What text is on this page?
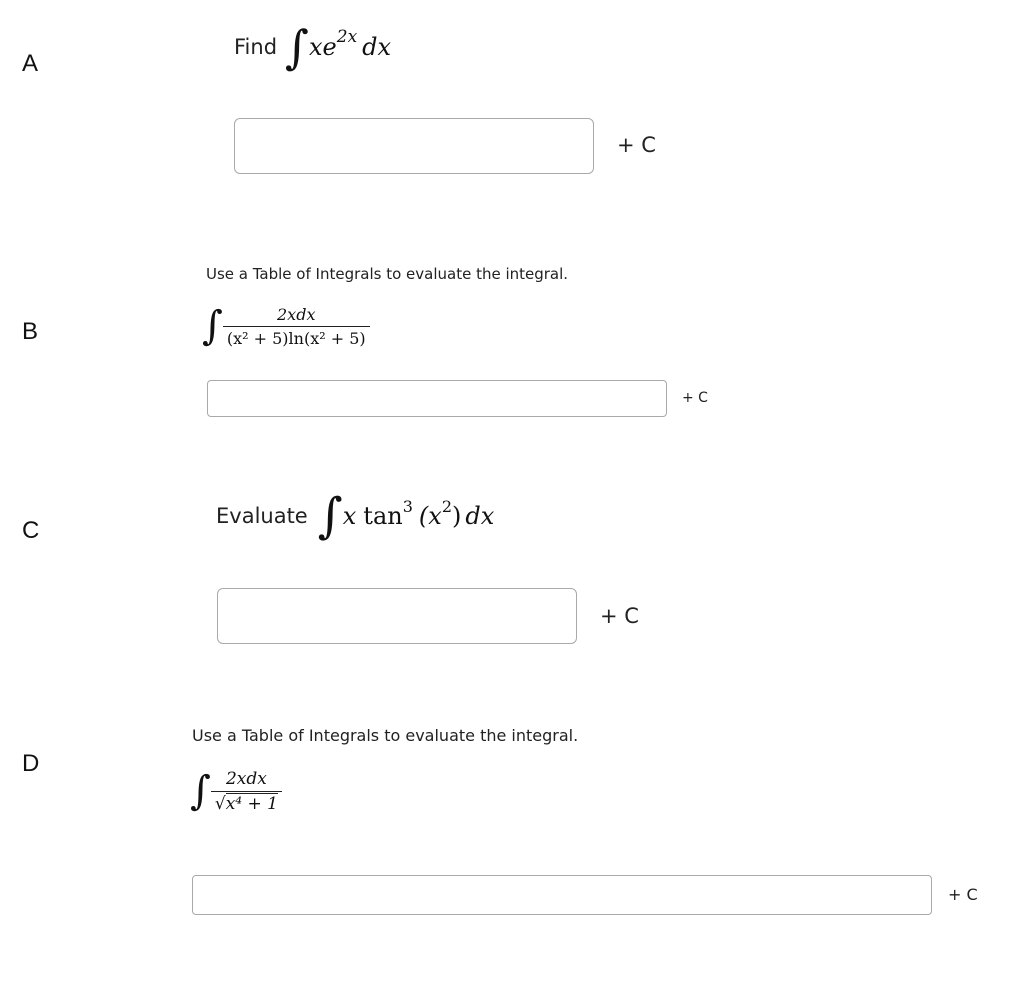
A
Find ∫ $xe^{2x}$ dx
+ C
B
Use a Table of Integrals to evaluate the integral.
∫ $\frac{\text{2xdx}}{\text{(x² + 5)ln(x² + 5)}}$
+ C
C
Evaluate ∫ x $\tan^3 (x^2$ ) dx
+ C
D
Use a Table of Integrals to evaluate the integral.
∫ $\frac{\text{2xdx}}{\text{√x⁴ + 1}}$
+ C
